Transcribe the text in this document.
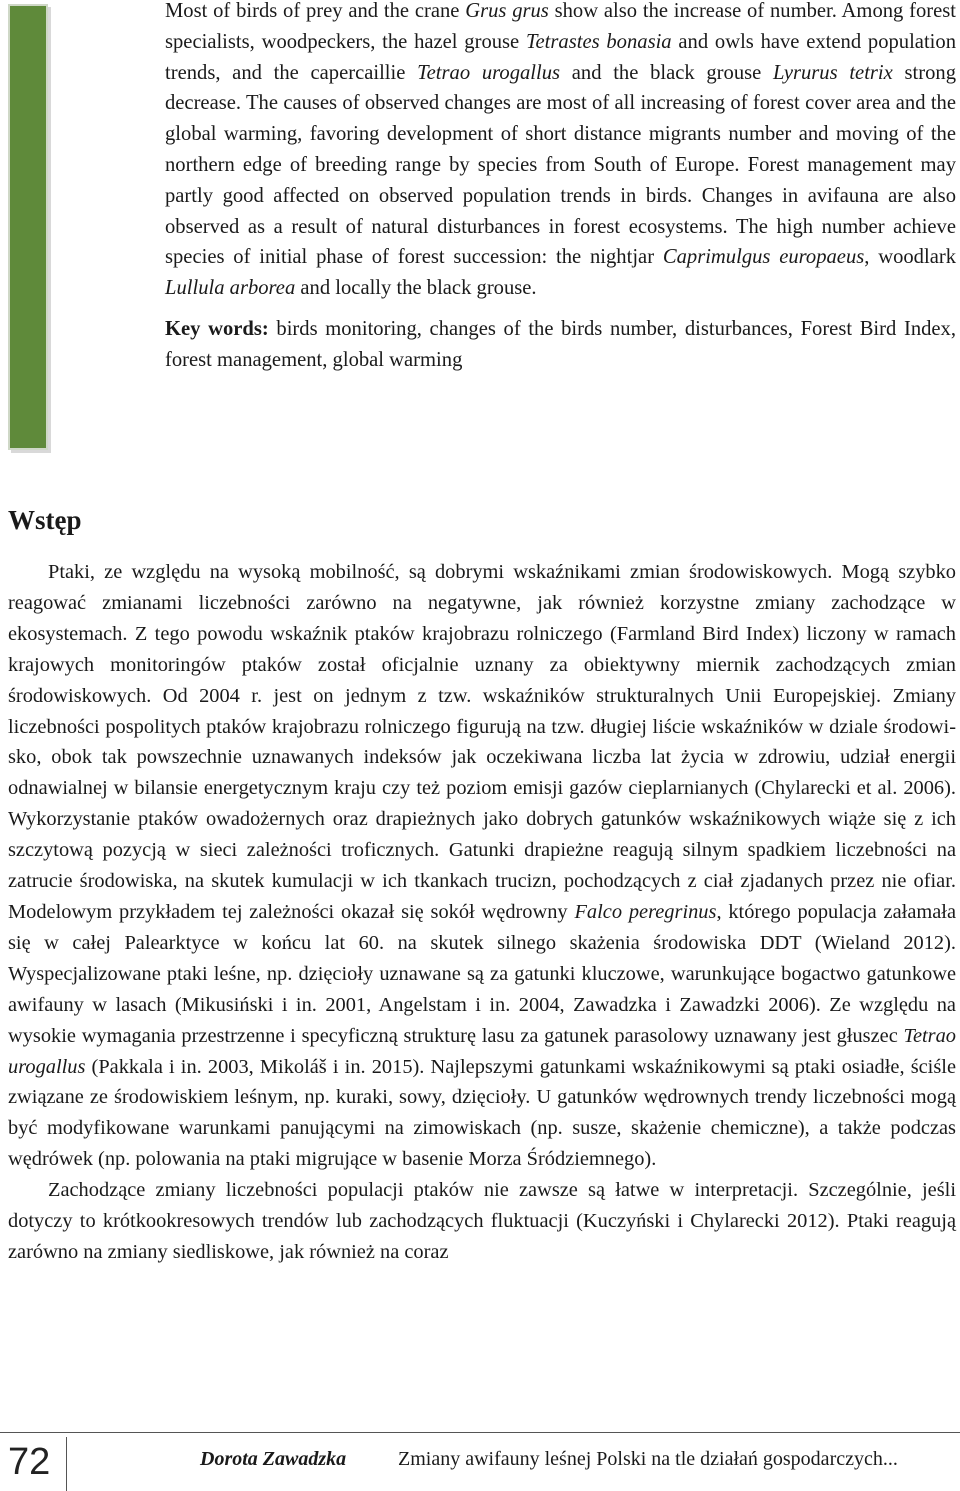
Most of birds of prey and the crane Grus grus show also the increase of number. Among forest specialists, woodpeckers, the hazel grouse Tetrastes bonasia and owls have extend population trends, and the capercaillie Tetrao urogallus and the black grouse Lyrurus tetrix strong decrease. The causes of observed changes are most of all increasing of forest cover area and the global warming, favoring development of short distance migrants number and moving of the northern edge of breeding range by species from South of Europe. Forest management may partly good affected on observed population trends in birds. Changes in avifauna are also observed as a result of natural disturbances in forest ecosystems. The high number achieve species of initial phase of forest succession: the nightjar Caprimulgus europaeus, woodlark Lullula arborea and locally the black grouse.

Key words: birds monitoring, changes of the birds number, disturbances, Forest Bird Index, forest management, global warming

Wstęp

Ptaki, ze względu na wysoką mobilność, są dobrymi wskaźnikami zmian środowiskowych. Mogą szybko reagować zmianami liczebności zarówno na negatywne, jak również korzystne zmiany zachodzące w ekosystemach. Z tego powodu wskaźnik ptaków krajobrazu rolniczego (Farmland Bird Index) liczony w ramach krajowych monitoringów ptaków został oficjalnie uznany za obiektywny miernik zachodzących zmian środowiskowych. Od 2004 r. jest on jednym z tzw. wskaźników strukturalnych Unii Europejskiej. Zmiany liczebności pospolitych ptaków krajobrazu rolniczego figurują na tzw. długiej liście wskaźników w dziale środowisko, obok tak powszechnie uznawanych indeksów jak oczekiwana liczba lat życia w zdrowiu, udział energii odnawialnej w bilansie energetycznym kraju czy też poziom emisji gazów cieplarnianych (Chylarecki et al. 2006). Wykorzystanie ptaków owadożernych oraz drapieżnych jako dobrych gatunków wskaźnikowych wiąże się z ich szczytową pozycją w sieci zależności troficznych. Gatunki drapieżne reagują silnym spadkiem liczebności na zatrucie środowiska, na skutek kumulacji w ich tkankach trucizn, pochodzących z ciał zjadanych przez nie ofiar. Modelowym przykładem tej zależności okazał się sokół wędrowny Falco peregrinus, którego populacja załamała się w całej Palearktyce w końcu lat 60. na skutek silnego skażenia środowiska DDT (Wieland 2012). Wyspecjalizowane ptaki leśne, np. dzięcioły uznawane są za gatunki kluczowe, warunkujące bogactwo gatunkowe awifauny w lasach (Mikusiński i in. 2001, Angelstam i in. 2004, Zawadzka i Zawadzki 2006). Ze względu na wysokie wymagania przestrzenne i specyficzną strukturę lasu za gatunek parasolowy uznawany jest głuszec Tetrao urogallus (Pakkala i in. 2003, Mikoláš i in. 2015). Najlepszymi gatunkami wskaźnikowymi są ptaki osiadłe, ściśle związane ze środowiskiem leśnym, np. kuraki, sowy, dzięcioły. U gatunków wędrownych trendy liczebności mogą być modyfikowane warunkami panującymi na zimowiskach (np. susze, skażenie chemiczne), a także podczas wędrówek (np. polowania na ptaki migrujące w basenie Morza Śródziemnego).

Zachodzące zmiany liczebności populacji ptaków nie zawsze są łatwe w interpretacji. Szczególnie, jeśli dotyczy to krótkookresowych trendów lub zachodzących fluktuacji (Kuczyński i Chylarecki 2012). Ptaki reagują zarówno na zmiany siedliskowe, jak również na coraz

72	Dorota Zawadzka	Zmiany awifauny leśnej Polski na tle działań gospodarczych...
